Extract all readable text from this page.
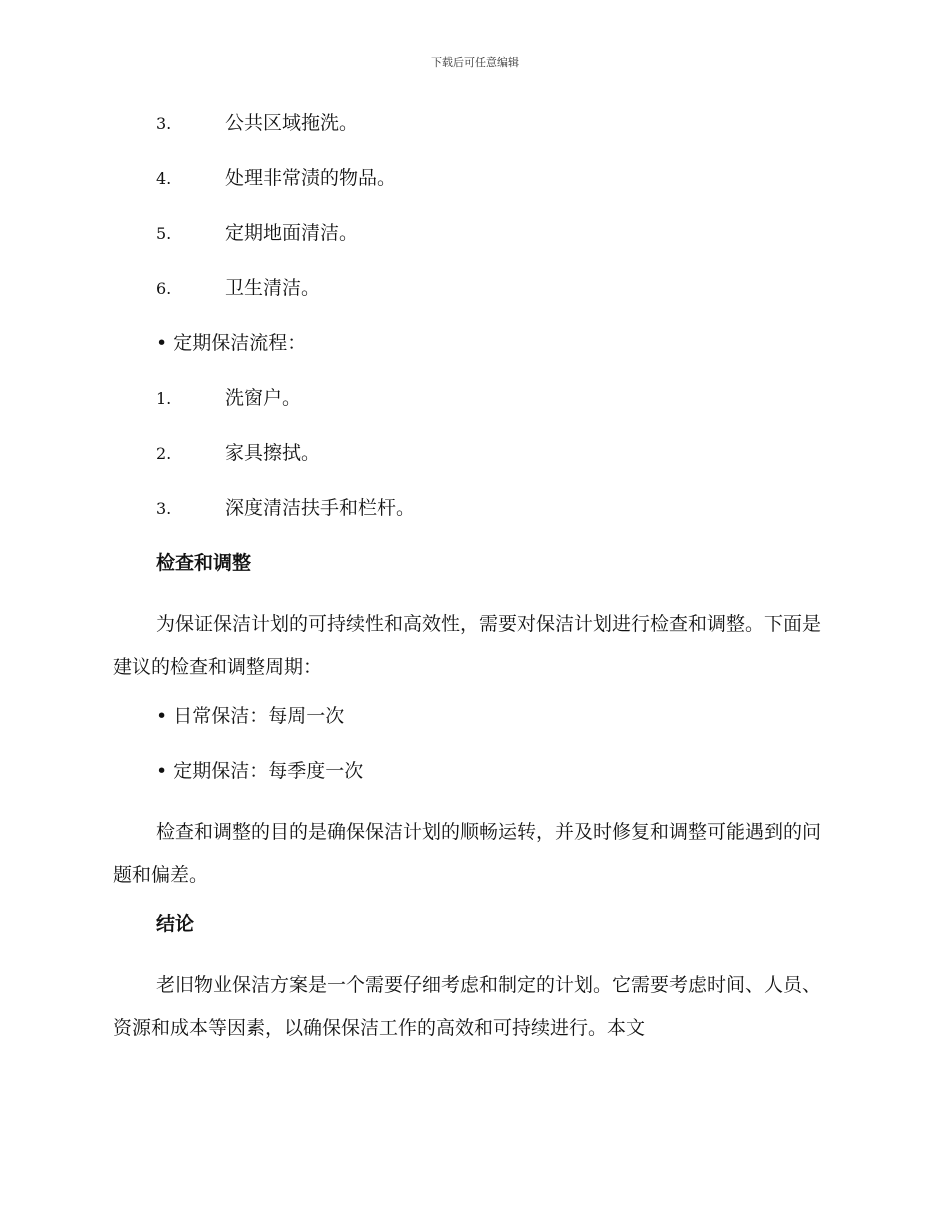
下载后可任意编辑
3.	公共区域拖洗。
4.	处理非常渍的物品。
5.	定期地面清洁。
6.	卫生清洁。
• 定期保洁流程：
1.	洗窗户。
2.	家具擦拭。
3.	深度清洁扶手和栏杆。
检查和调整

为保证保洁计划的可持续性和高效性，需要对保洁计划进行检查和调整。下面是建议的检查和调整周期：

• 日常保洁：每周一次
• 定期保洁：每季度一次

检查和调整的目的是确保保洁计划的顺畅运转，并及时修复和调整可能遇到的问题和偏差。

结论

老旧物业保洁方案是一个需要仔细考虑和制定的计划。它需要考虑时间、人员、资源和成本等因素，以确保保洁工作的高效和可持续进行。本文
